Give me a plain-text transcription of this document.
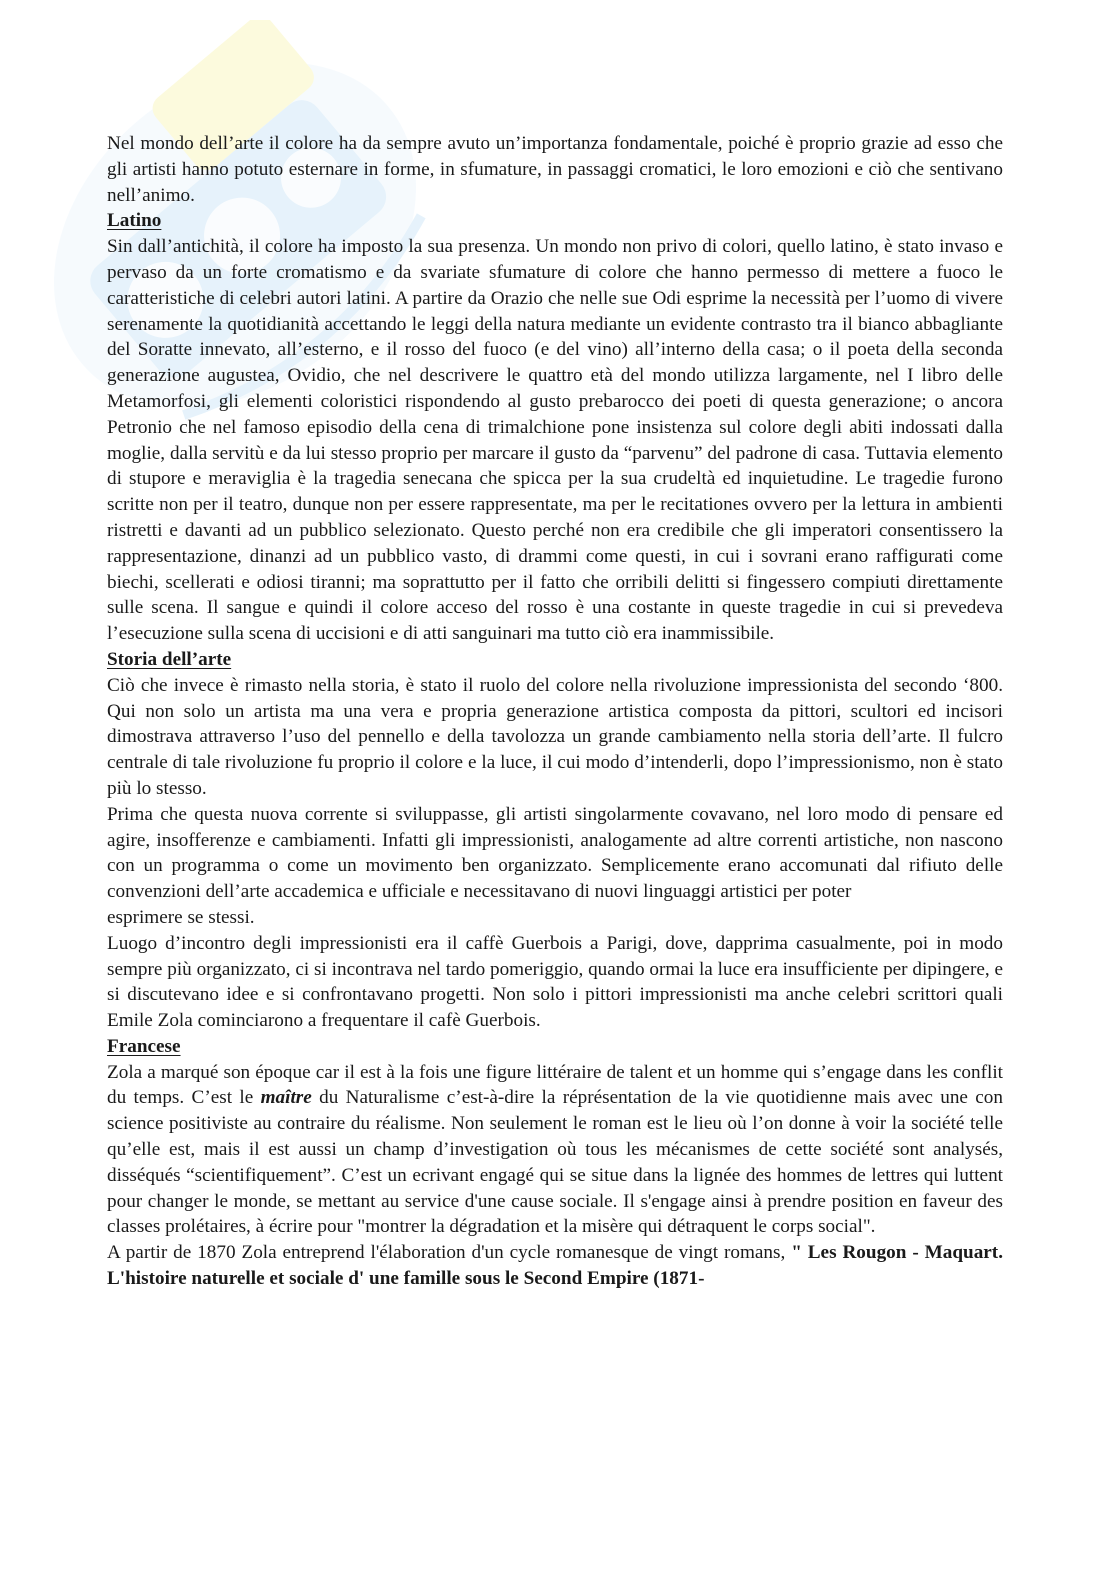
Nel mondo dell’arte il colore ha da sempre avuto un’importanza fondamentale, poiché è proprio grazie ad esso che gli artisti hanno potuto esternare in forme, in sfumature, in passaggi cromatici, le loro emozioni e ciò che sentivano nell’animo.

Latino

Sin dall’antichità, il colore ha imposto la sua presenza. Un mondo non privo di colori, quello latino, è stato invaso e pervaso da un forte cromatismo e da svariate sfumature di colore che hanno permesso di mettere a fuoco le caratteristiche di celebri autori latini. A partire da Orazio che nelle sue Odi esprime la necessità per l’uomo di vivere serenamente la quotidianità accettando le leggi della natura mediante un evidente contrasto tra il bianco abbagliante del Soratte innevato, all’esterno, e il rosso del fuoco (e del vino) all’interno della casa; o il poeta della seconda generazione augustea, Ovidio, che nel descrivere le quattro età del mondo utilizza largamente, nel I libro delle Metamorfosi, gli elementi coloristici rispondendo al gusto prebarocco dei poeti di questa generazione; o ancora Petronio che nel famoso episodio della cena di trimalchione pone insistenza sul colore degli abiti indossati dalla moglie, dalla servitù e da lui stesso proprio per marcare il gusto da “parvenu” del padrone di casa. Tuttavia elemento di stupore e meraviglia è la tragedia senecana che spicca per la sua crudeltà ed inquietudine. Le tragedie furono scritte non per il teatro, dunque non per essere rappresentate, ma per le recitationes ovvero per la lettura in ambienti ristretti e davanti ad un pubblico selezionato. Questo perché non era credibile che gli imperatori consentissero la rappresentazione, dinanzi ad un pubblico vasto, di drammi come questi, in cui i sovrani erano raffigurati come biechi, scellerati e odiosi tiranni; ma soprattutto per il fatto che orribili delitti si fingessero compiuti direttamente sulle scena. Il sangue e quindi il colore acceso del rosso è una costante in queste tragedie in cui si prevedeva l’esecuzione sulla scena di uccisioni e di atti sanguinari ma tutto ciò era inammissibile.

Storia dell’arte

Ciò che invece è rimasto nella storia, è stato il ruolo del colore nella rivoluzione impressionista del secondo ‘800. Qui non solo un artista ma una vera e propria generazione artistica composta da pittori, scultori ed incisori dimostrava attraverso l’uso del pennello e della tavolozza un grande cambiamento nella storia dell’arte. Il fulcro centrale di tale rivoluzione fu proprio il colore e la luce, il cui modo d’intenderli, dopo l’impressionismo, non è stato più lo stesso.

Prima che questa nuova corrente si sviluppasse, gli artisti singolarmente covavano, nel loro modo di pensare ed agire, insofferenze e cambiamenti. Infatti gli impressionisti, analogamente ad altre correnti artistiche, non nascono con un programma o come un movimento ben organizzato. Semplicemente erano accomunati dal rifiuto delle convenzioni dell’arte accademica e ufficiale e necessitavano di nuovi linguaggi artistici per poter

esprimere se stessi.

Luogo d’incontro degli impressionisti era il caffè Guerbois a Parigi, dove, dapprima casualmente, poi in modo sempre più organizzato, ci si incontrava nel tardo pomeriggio, quando ormai la luce era insufficiente per dipingere, e si discutevano idee e si confrontavano progetti. Non solo i pittori impressionisti ma anche celebri scrittori quali Emile Zola cominciarono a frequentare il cafè Guerbois.

Francese

Zola a marqué son époque car il est à la fois une figure littéraire de talent et un homme qui s’engage dans les conflit du temps. C’est le maître du Naturalisme c’est-à-dire la réprésentation de la vie quotidienne mais avec une con science positiviste au contraire du réalisme. Non seulement le roman est le lieu où l’on donne à voir la société telle qu’elle est, mais il est aussi un champ d’investigation où tous les mécanismes de cette société sont analysés, disséqués “scientifiquement”. C’est un ecrivant engagé qui se situe dans la lignée des hommes de lettres qui luttent pour changer le monde, se mettant au service d'une cause sociale. Il s'engage ainsi à prendre position en faveur des classes prolétaires, à écrire pour "montrer la dégradation et la misère qui détraquent le corps social".

A partir de 1870 Zola entreprend l'élaboration d'un cycle romanesque de vingt romans, " Les Rougon - Maquart. L'histoire naturelle et sociale d' une famille sous le Second Empire (1871-
